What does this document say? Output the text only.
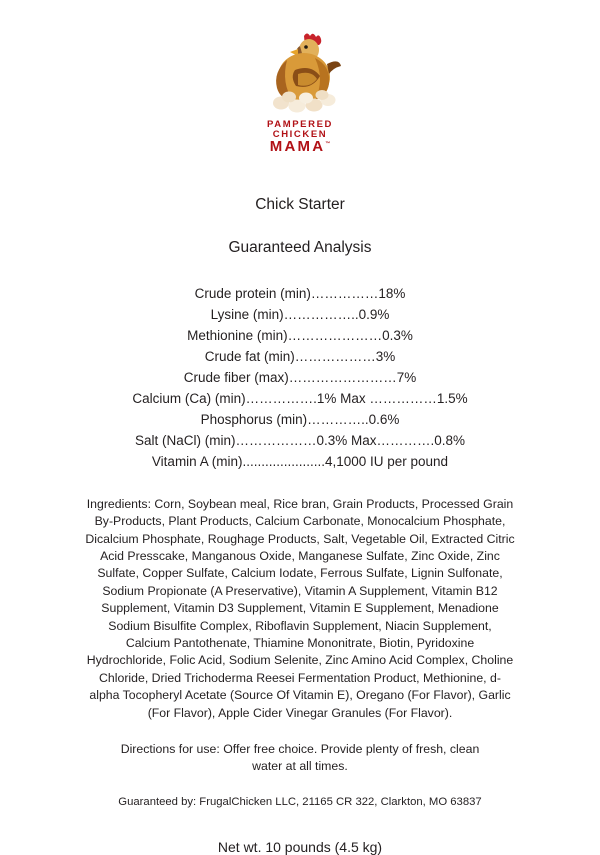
PAMPERED
CHICKEN
MAMA™
Chick Starter
Guaranteed Analysis
Crude protein (min)……………18%
Lysine (min)……………..0.9%
Methionine (min)…………………0.3%
Crude fat (min)………………3%
Crude fiber (max)……………………7%
Calcium (Ca) (min)…………….1% Max ……………1.5%
Phosphorus (min)…………..0.6%
Salt (NaCl) (min)………………0.3% Max………….0.8%
Vitamin A (min)......................4,1000 IU per pound
Ingredients: Corn, Soybean meal, Rice bran, Grain Products, Processed Grain By-Products, Plant Products, Calcium Carbonate, Monocalcium Phosphate, Dicalcium Phosphate, Roughage Products, Salt, Vegetable Oil, Extracted Citric Acid Presscake, Manganous Oxide, Manganese Sulfate, Zinc Oxide, Zinc Sulfate, Copper Sulfate, Calcium Iodate, Ferrous Sulfate, Lignin Sulfonate, Sodium Propionate (A Preservative), Vitamin A Supplement, Vitamin B12 Supplement, Vitamin D3 Supplement, Vitamin E Supplement, Menadione Sodium Bisulfite Complex, Riboflavin Supplement, Niacin Supplement, Calcium Pantothenate, Thiamine Mononitrate, Biotin, Pyridoxine Hydrochloride, Folic Acid, Sodium Selenite, Zinc Amino Acid Complex, Choline Chloride, Dried Trichoderma Reesei Fermentation Product, Methionine, d-alpha Tocopheryl Acetate (Source Of Vitamin E), Oregano (For Flavor), Garlic (For Flavor), Apple Cider Vinegar Granules (For Flavor).
Directions for use: Offer free choice. Provide plenty of fresh, clean water at all times.
Guaranteed by: FrugalChicken LLC, 21165 CR 322, Clarkton, MO 63837
Net wt. 10 pounds (4.5 kg)
